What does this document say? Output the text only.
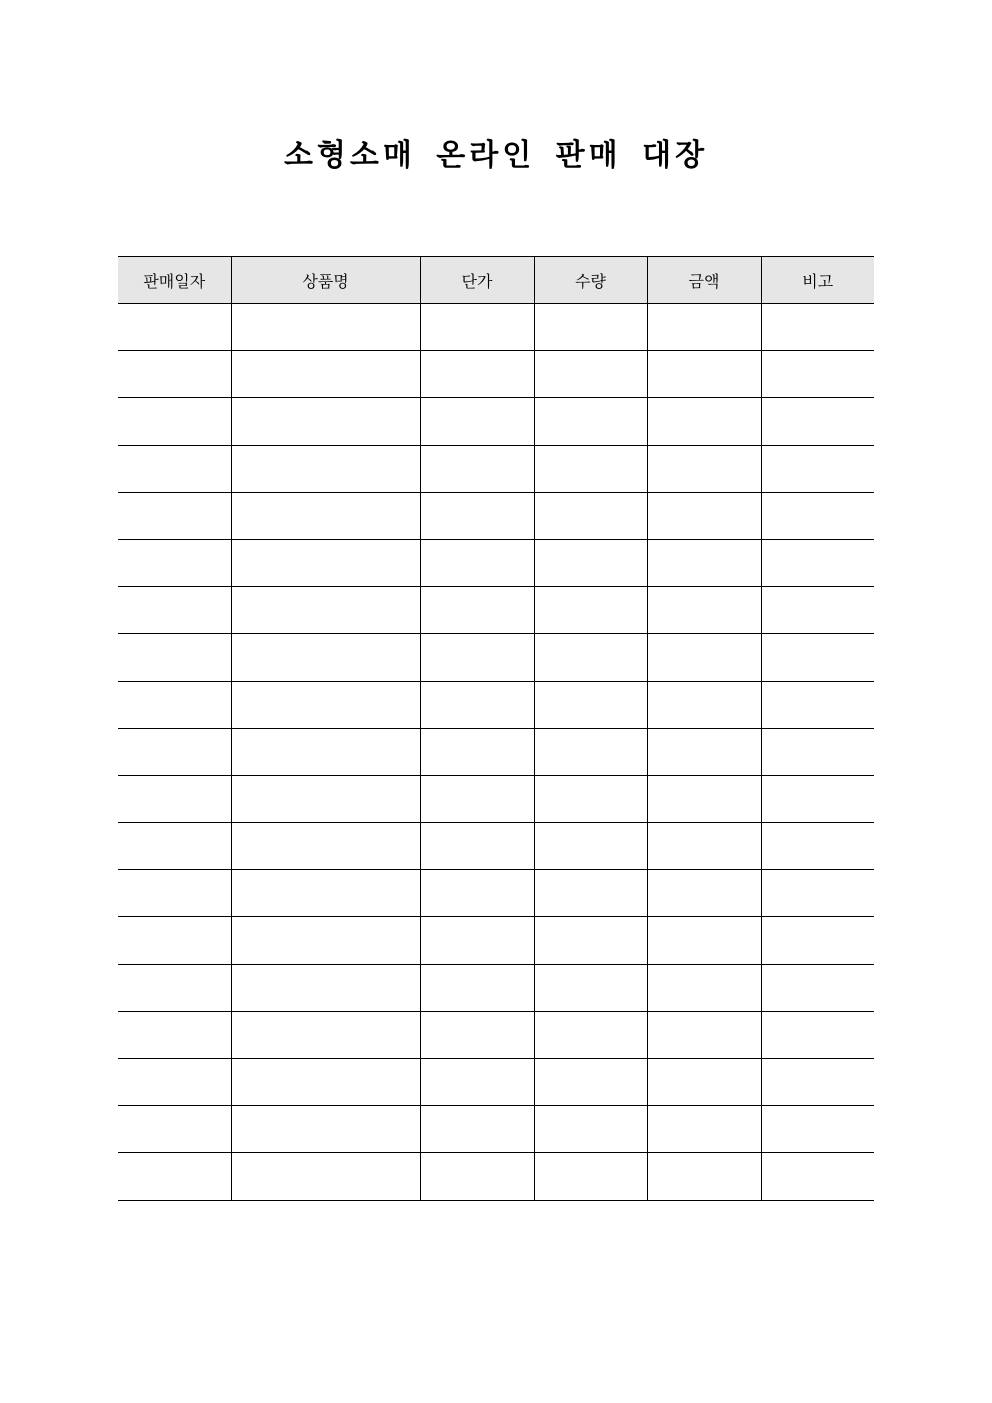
소형소매 온라인 판매 대장
판매일자	상품명	단가	수량	금액	비고
